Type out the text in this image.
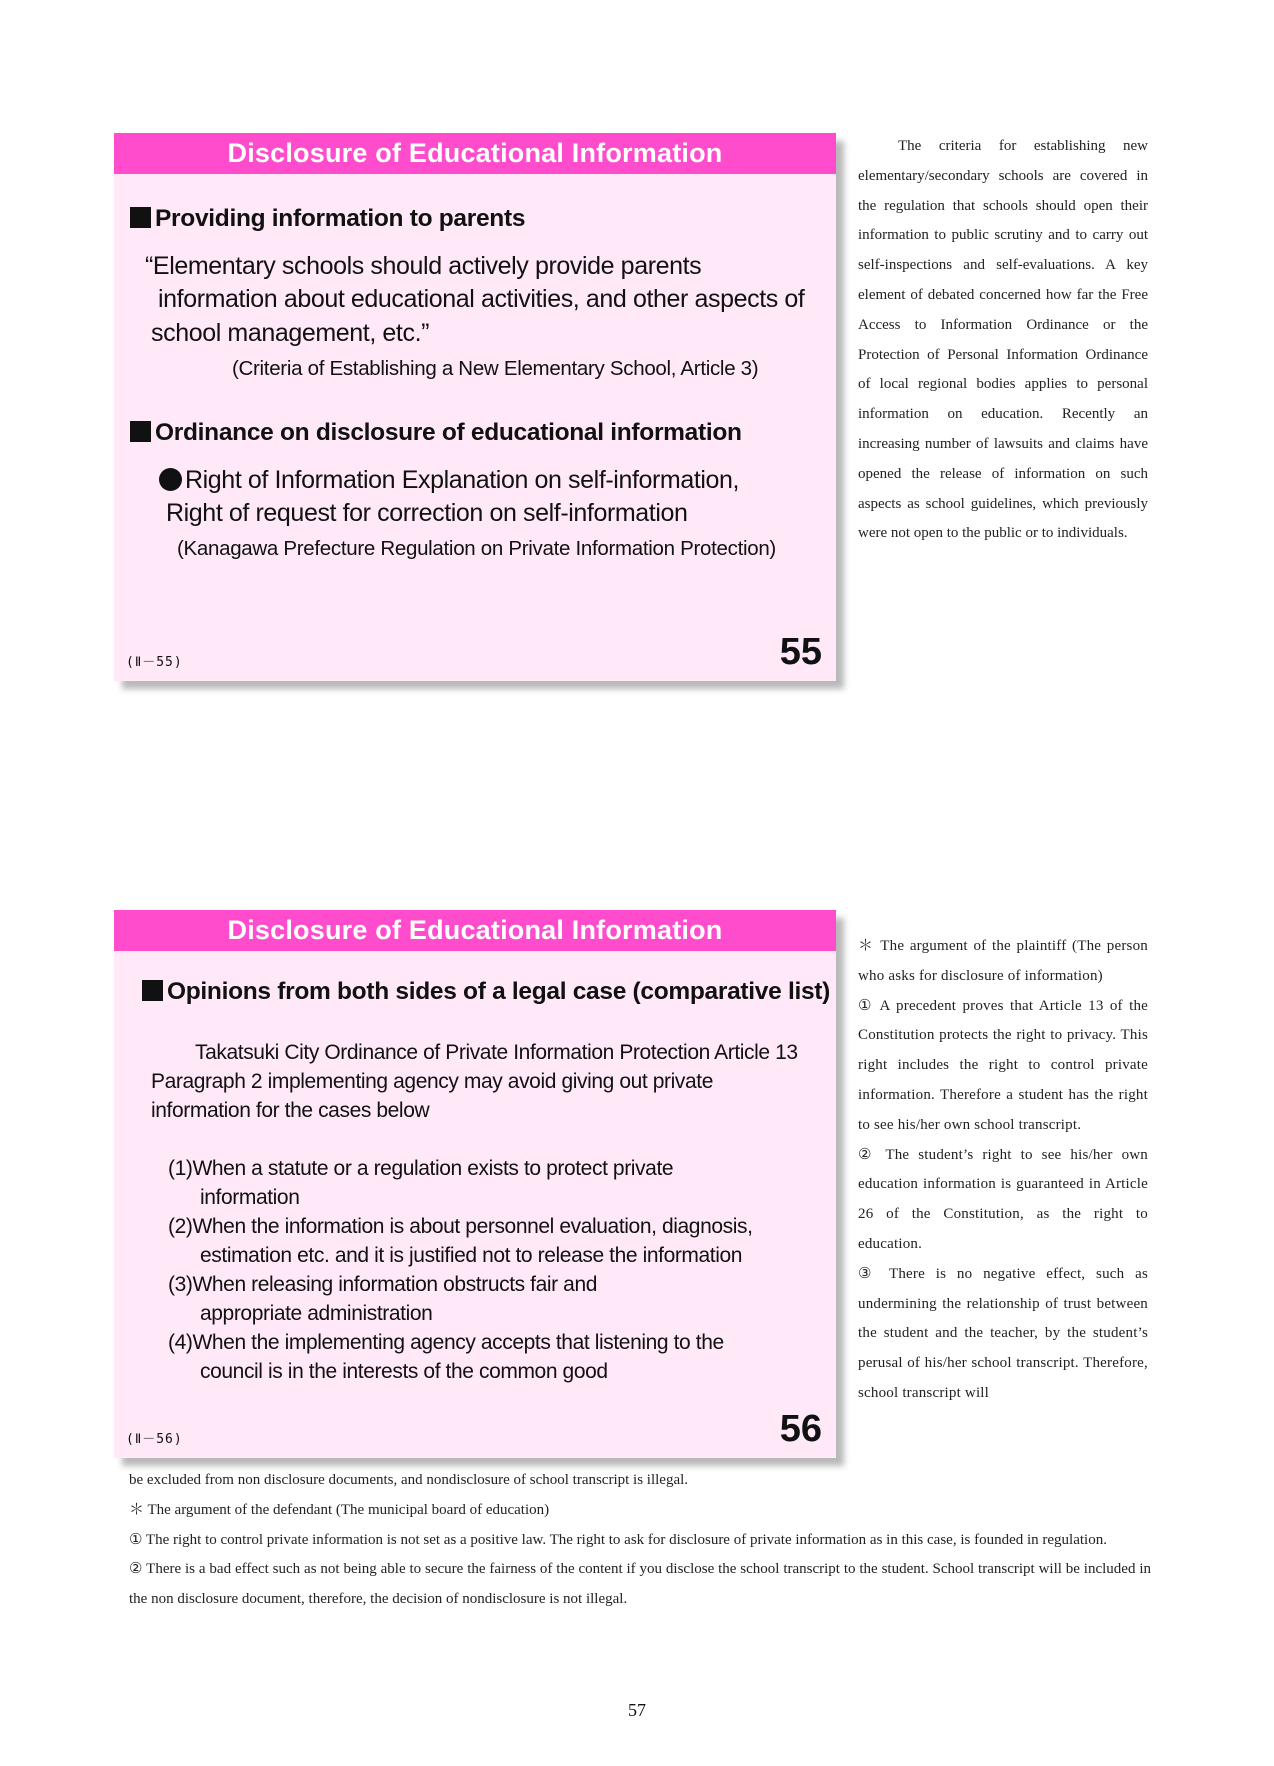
Disclosure of Educational Information
Providing information to parents
“Elementary schools should actively provide parents
information about educational activities, and other aspects of
school management, etc.”
(Criteria of Establishing a New Elementary School, Article 3)
Ordinance on disclosure of educational information
Right of Information Explanation on self-information,
Right of request for correction on self-information
(Kanagawa Prefecture Regulation on Private Information Protection)
(Ⅱ－55)	55

The criteria for establishing new elementary/secondary schools are covered in the regulation that schools should open their information to public scrutiny and to carry out self-inspections and self-evaluations. A key element of debated concerned how far the Free Access to Information Ordinance or the Protection of Personal Information Ordinance of local regional bodies applies to personal information on education. Recently an increasing number of lawsuits and claims have opened the release of information on such aspects as school guidelines, which previously were not open to the public or to individuals.

Disclosure of Educational Information
Opinions from both sides of a legal case (comparative list)
Takatsuki City Ordinance of Private Information Protection Article 13
Paragraph 2 implementing agency may avoid giving out private
information for the cases below
(1)When a statute or a regulation exists to protect private
information
(2)When the information is about personnel evaluation, diagnosis,
estimation etc. and it is justified not to release the information
(3)When releasing information obstructs fair and
appropriate administration
(4)When the implementing agency accepts that listening to the
council is in the interests of the common good
(Ⅱ－56)	56

＊ The argument of the plaintiff (The person who asks for disclosure of information)

① A precedent proves that Article 13 of the Constitution protects the right to privacy. This right includes the right to control private information. Therefore a student has the right to see his/her own school transcript.

② The student’s right to see his/her own education information is guaranteed in Article 26 of the Constitution, as the right to education.

③ There is no negative effect, such as undermining the relationship of trust between the student and the teacher, by the student’s perusal of his/her school transcript. Therefore, school transcript will

be excluded from non disclosure documents, and nondisclosure of school transcript is illegal.

＊ The argument of the defendant (The municipal board of education)

① The right to control private information is not set as a positive law. The right to ask for disclosure of private information as in this case, is founded in regulation.

② There is a bad effect such as not being able to secure the fairness of the content if you disclose the school transcript to the student. School transcript will be included in the non disclosure document, therefore, the decision of nondisclosure is not illegal.

57
